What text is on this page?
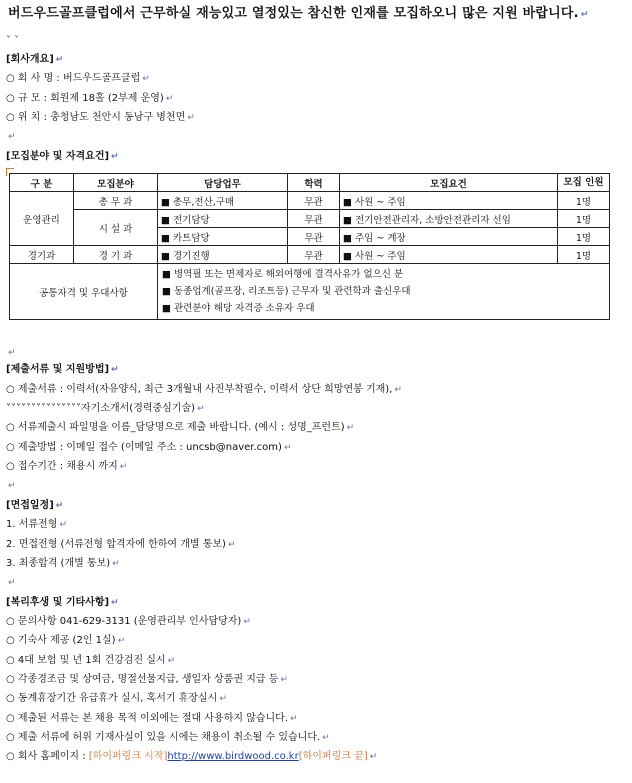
버드우드골프클럽에서 근무하실 재능있고 열정있는 참신한 인재를 모집하오니 많은 지원 바랍니다. ↵
˅ ˅
[회사개요] ↵
○ 회 사 명 : 버드우드골프클럽 ↵
○ 규 모 : 회원제 18홀 (2부제 운영) ↵
○ 위 치 : 충청남도 천안시 동남구 병천면 ↵
↵
[모집분야 및 자격요건] ↵
구 분	모집분야	담당업무	학력	모집요건	모집 인원
운영관리	총 무 과	■ 총무,전산,구매	무관	■ 사원 ~ 주임	1명
	시 설 과	■ 전기담당	무관	■ 전기안전관리자, 소방안전관리자 선임	1명
		■ 카트담당	무관	■ 주임 ~ 계장	1명
경기과	경 기 과	■ 경기진행	무관	■ 사원 ~ 주임	1명
공통자격 및 우대사항		■ 병역필 또는 면제자로 해외여행에 결격사유가 없으신 분
■ 동종업계(골프장, 리조트등) 근무자 및 관련학과 출신우대
■ 관련분야 해당 자격증 소유자 우대			
↵
[제출서류 및 지원방법] ↵
○ 제출서류 : 이력서(자유양식, 최근 3개월내 사진부착필수, 이력서 상단 희망연봉 기재), ↵
˅˅˅˅˅˅˅˅˅˅˅˅˅˅˅자기소개서(경력중심기술) ↵
○ 서류제출시 파일명을 이름_담당명으로 제출 바랍니다. (예시 : 성명_프런트) ↵
○ 제출방법 : 이메일 접수 (이메일 주소 : uncsb@naver.com) ↵
○ 접수기간 : 채용시 까지 ↵
↵
[면접일정] ↵
1. 서류전형 ↵
2. 면접전형 (서류전형 합격자에 한하여 개별 통보) ↵
3. 최종합격 (개별 통보) ↵
↵
[복리후생 및 기타사항] ↵
○ 문의사항 041-629-3131 (운영관리부 인사담당자) ↵
○ 기숙사 제공 (2인 1실) ↵
○ 4대 보험 및 년 1회 건강검진 실시 ↵
○ 각종경조금 및 상여금, 명절선물지급, 생일자 상품권 지급 등 ↵
○ 동계휴장기간 유급휴가 실시, 혹서기 휴장실시 ↵
○ 제출된 서류는 본 채용 목적 이외에는 절대 사용하지 않습니다. ↵
○ 제출 서류에 허위 기재사실이 있을 시에는 채용이 취소될 수 있습니다. ↵
○ 회사 홈페이지 : [하이퍼링크 시작]http://www.birdwood.co.kr[하이퍼링크 끝] ↵
